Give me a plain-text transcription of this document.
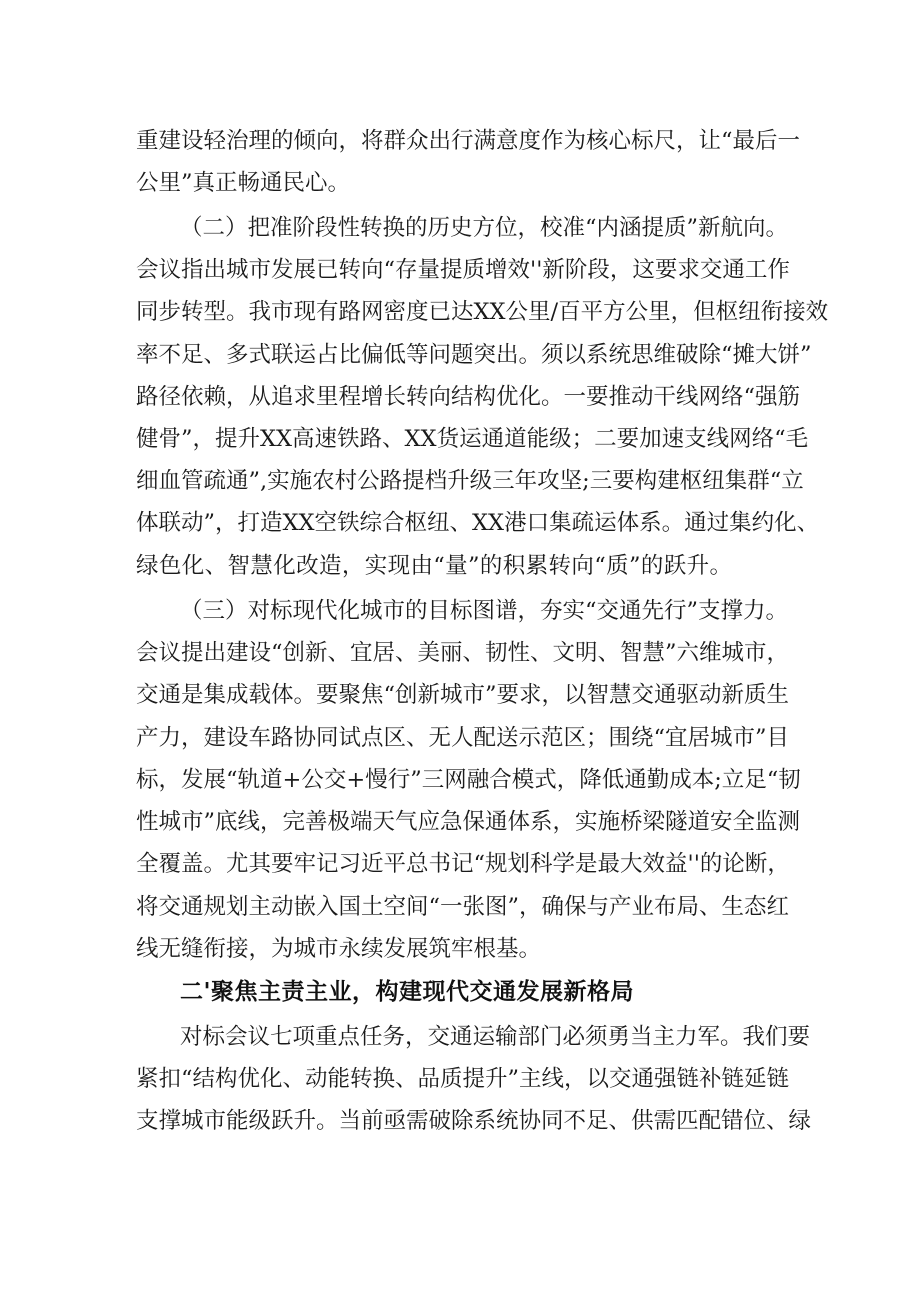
重建设轻治理的倾向，将群众出行满意度作为核心标尺，让“最后一
公里”真正畅通民心。
（二）把准阶段性转换的历史方位，校准“内涵提质”新航向。
会议指出城市发展已转向“存量提质增效''新阶段，这要求交通工作
同步转型。我市现有路网密度已达XX公里/百平方公里，但枢纽衔接效
率不足、多式联运占比偏低等问题突出。须以系统思维破除“摊大饼”
路径依赖，从追求里程增长转向结构优化。一要推动干线网络“强筋
健骨”，提升XX高速铁路、XX货运通道能级；二要加速支线网络“毛
细血管疏通”,实施农村公路提档升级三年攻坚;三要构建枢纽集群“立
体联动”，打造XX空铁综合枢纽、XX港口集疏运体系。通过集约化、
绿色化、智慧化改造，实现由“量”的积累转向“质”的跃升。
（三）对标现代化城市的目标图谱，夯实“交通先行”支撑力。
会议提出建设“创新、宜居、美丽、韧性、文明、智慧”六维城市，
交通是集成载体。要聚焦“创新城市”要求，以智慧交通驱动新质生
产力，建设车路协同试点区、无人配送示范区；围绕“宜居城市”目
标，发展“轨道+公交+慢行”三网融合模式，降低通勤成本;立足“韧
性城市”底线，完善极端天气应急保通体系，实施桥梁隧道安全监测
全覆盖。尤其要牢记习近平总书记“规划科学是最大效益''的论断，
将交通规划主动嵌入国土空间“一张图”，确保与产业布局、生态红
线无缝衔接，为城市永续发展筑牢根基。
二'聚焦主责主业，构建现代交通发展新格局
对标会议七项重点任务，交通运输部门必须勇当主力军。我们要
紧扣“结构优化、动能转换、品质提升”主线，以交通强链补链延链
支撑城市能级跃升。当前亟需破除系统协同不足、供需匹配错位、绿
